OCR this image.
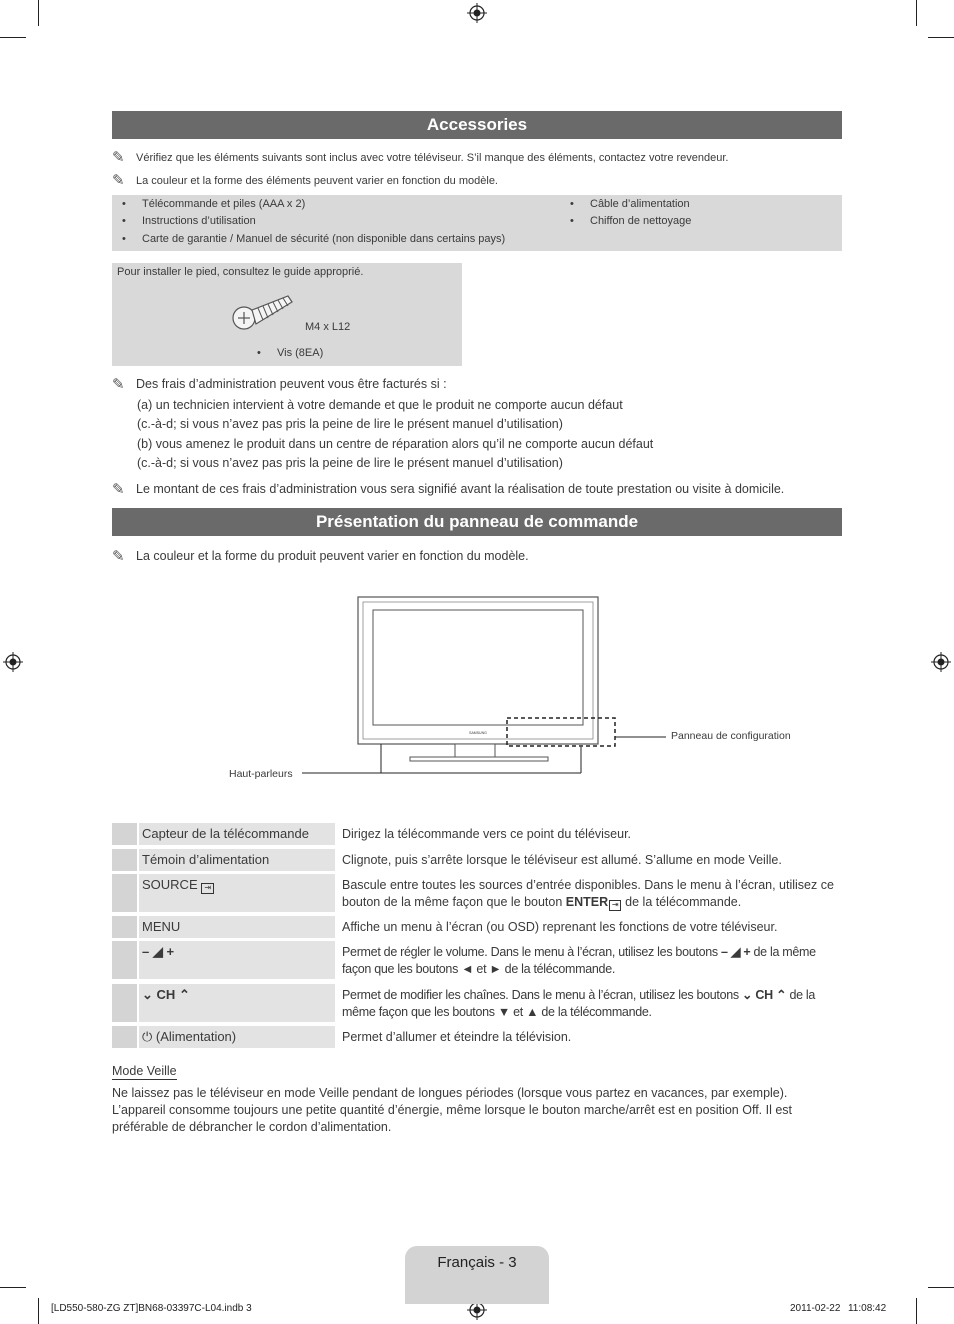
Accessories
✎ Vérifiez que les éléments suivants sont inclus avec votre téléviseur. S’il manque des éléments, contactez votre revendeur.
✎ La couleur et la forme des éléments peuvent varier en fonction du modèle.
• Télécommande et piles (AAA x 2)
• Instructions d’utilisation
• Carte de garantie / Manuel de sécurité (non disponible dans certains pays)
• Câble d’alimentation
• Chiffon de nettoyage
Pour installer le pied, consultez le guide approprié.
M4 x L12
• Vis (8EA)
✎ Des frais d’administration peuvent vous être facturés si :
(a) un technicien intervient à votre demande et que le produit ne comporte aucun défaut
(c.-à-d; si vous n’avez pas pris la peine de lire le présent manuel d’utilisation)
(b) vous amenez le produit dans un centre de réparation alors qu’il ne comporte aucun défaut
(c.-à-d; si vous n’avez pas pris la peine de lire le présent manuel d’utilisation)
✎ Le montant de ces frais d’administration vous sera signifié avant la réalisation de toute prestation ou visite à domicile.
Présentation du panneau de commande
✎ La couleur et la forme du produit peuvent varier en fonction du modèle.
SAMSUNG	Panneau de configuration
Haut-parleurs
Capteur de la télécommande	Dirigez la télécommande vers ce point du téléviseur.
Témoin d’alimentation	Clignote, puis s’arrête lorsque le téléviseur est allumé. S’allume en mode Veille.
SOURCE ⇥	Bascule entre toutes les sources d’entrée disponibles. Dans le menu à l’écran, utilisez ce bouton de la même façon que le bouton ENTER ⇥ de la télécommande.
MENU	Affiche un menu à l’écran (ou OSD) reprenant les fonctions de votre téléviseur.
– ◢ +	Permet de régler le volume. Dans le menu à l’écran, utilisez les boutons – ◢ + de la même façon que les boutons ◄ et ► de la télécommande.
⌄ CH ⌃	Permet de modifier les chaînes. Dans le menu à l’écran, utilisez les boutons ⌄ CH ⌃ de la même façon que les boutons ▼ et ▲ de la télécommande.
⏻ (Alimentation)	Permet d’allumer et éteindre la télévision.
Mode Veille
Ne laissez pas le téléviseur en mode Veille pendant de longues périodes (lorsque vous partez en vacances, par exemple). L’appareil consomme toujours une petite quantité d’énergie, même lorsque le bouton marche/arrêt est en position Off. Il est préférable de débrancher le cordon d’alimentation.
Français - 3
[LD550-580-ZG ZT]BN68-03397C-L04.indb 3	2011-02-22   11:08:42
